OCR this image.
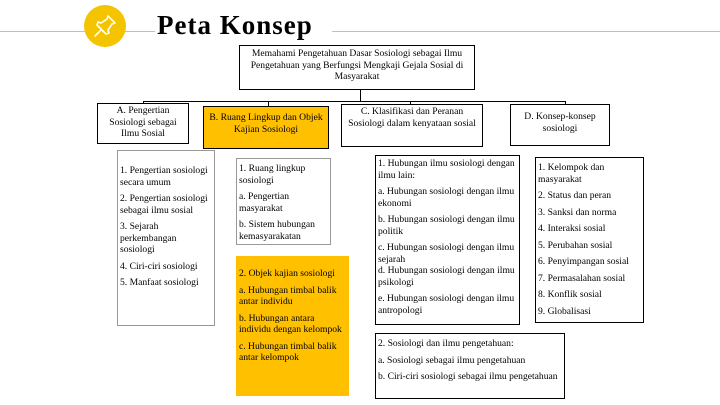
Peta Konsep
Memahami Pengetahuan Dasar Sosiologi sebagai Ilmu Pengetahuan yang Berfungsi Mengkaji Gejala Sosial di Masyarakat
A. Pengertian Sosiologi sebagai Ilmu Sosial

1. Pengertian sosiologi secara umum

2. Pengertian sosiologi sebagai ilmu sosial

3. Sejarah perkembangan sosiologi

4. Ciri-ciri sosiologi

5. Manfaat sosiologi

B. Ruang Lingkup dan Objek Kajian Sosiologi

1. Ruang lingkup sosiologi

a. Pengertian masyarakat

b. Sistem hubungan kemasyarakatan

2. Objek kajian sosiologi

a. Hubungan timbal balik antar individu

b. Hubungan antara individu dengan kelompok

c. Hubungan timbal balik antar kelompok

C. Klasifikasi dan Peranan Sosiologi dalam kenyataan sosial

1. Hubungan ilmu sosiologi dengan ilmu lain:

a. Hubungan sosiologi dengan ilmu ekonomi

b. Hubungan sosiologi dengan ilmu politik

c. Hubungan sosiologi dengan ilmu sejarah

d. Hubungan sosiologi dengan ilmu psikologi

e. Hubungan sosiologi dengan ilmu antropologi

2. Sosiologi dan ilmu pengetahuan:

a. Sosiologi sebagai ilmu pengetahuan

b. Ciri-ciri sosiologi sebagai ilmu pengetahuan

D. Konsep-konsep sosiologi

1. Kelompok dan masyarakat

2. Status dan peran

3. Sanksi dan norma

4. Interaksi sosial

5. Perubahan sosial

6. Penyimpangan sosial

7. Permasalahan sosial

8. Konflik sosial

9. Globalisasi
